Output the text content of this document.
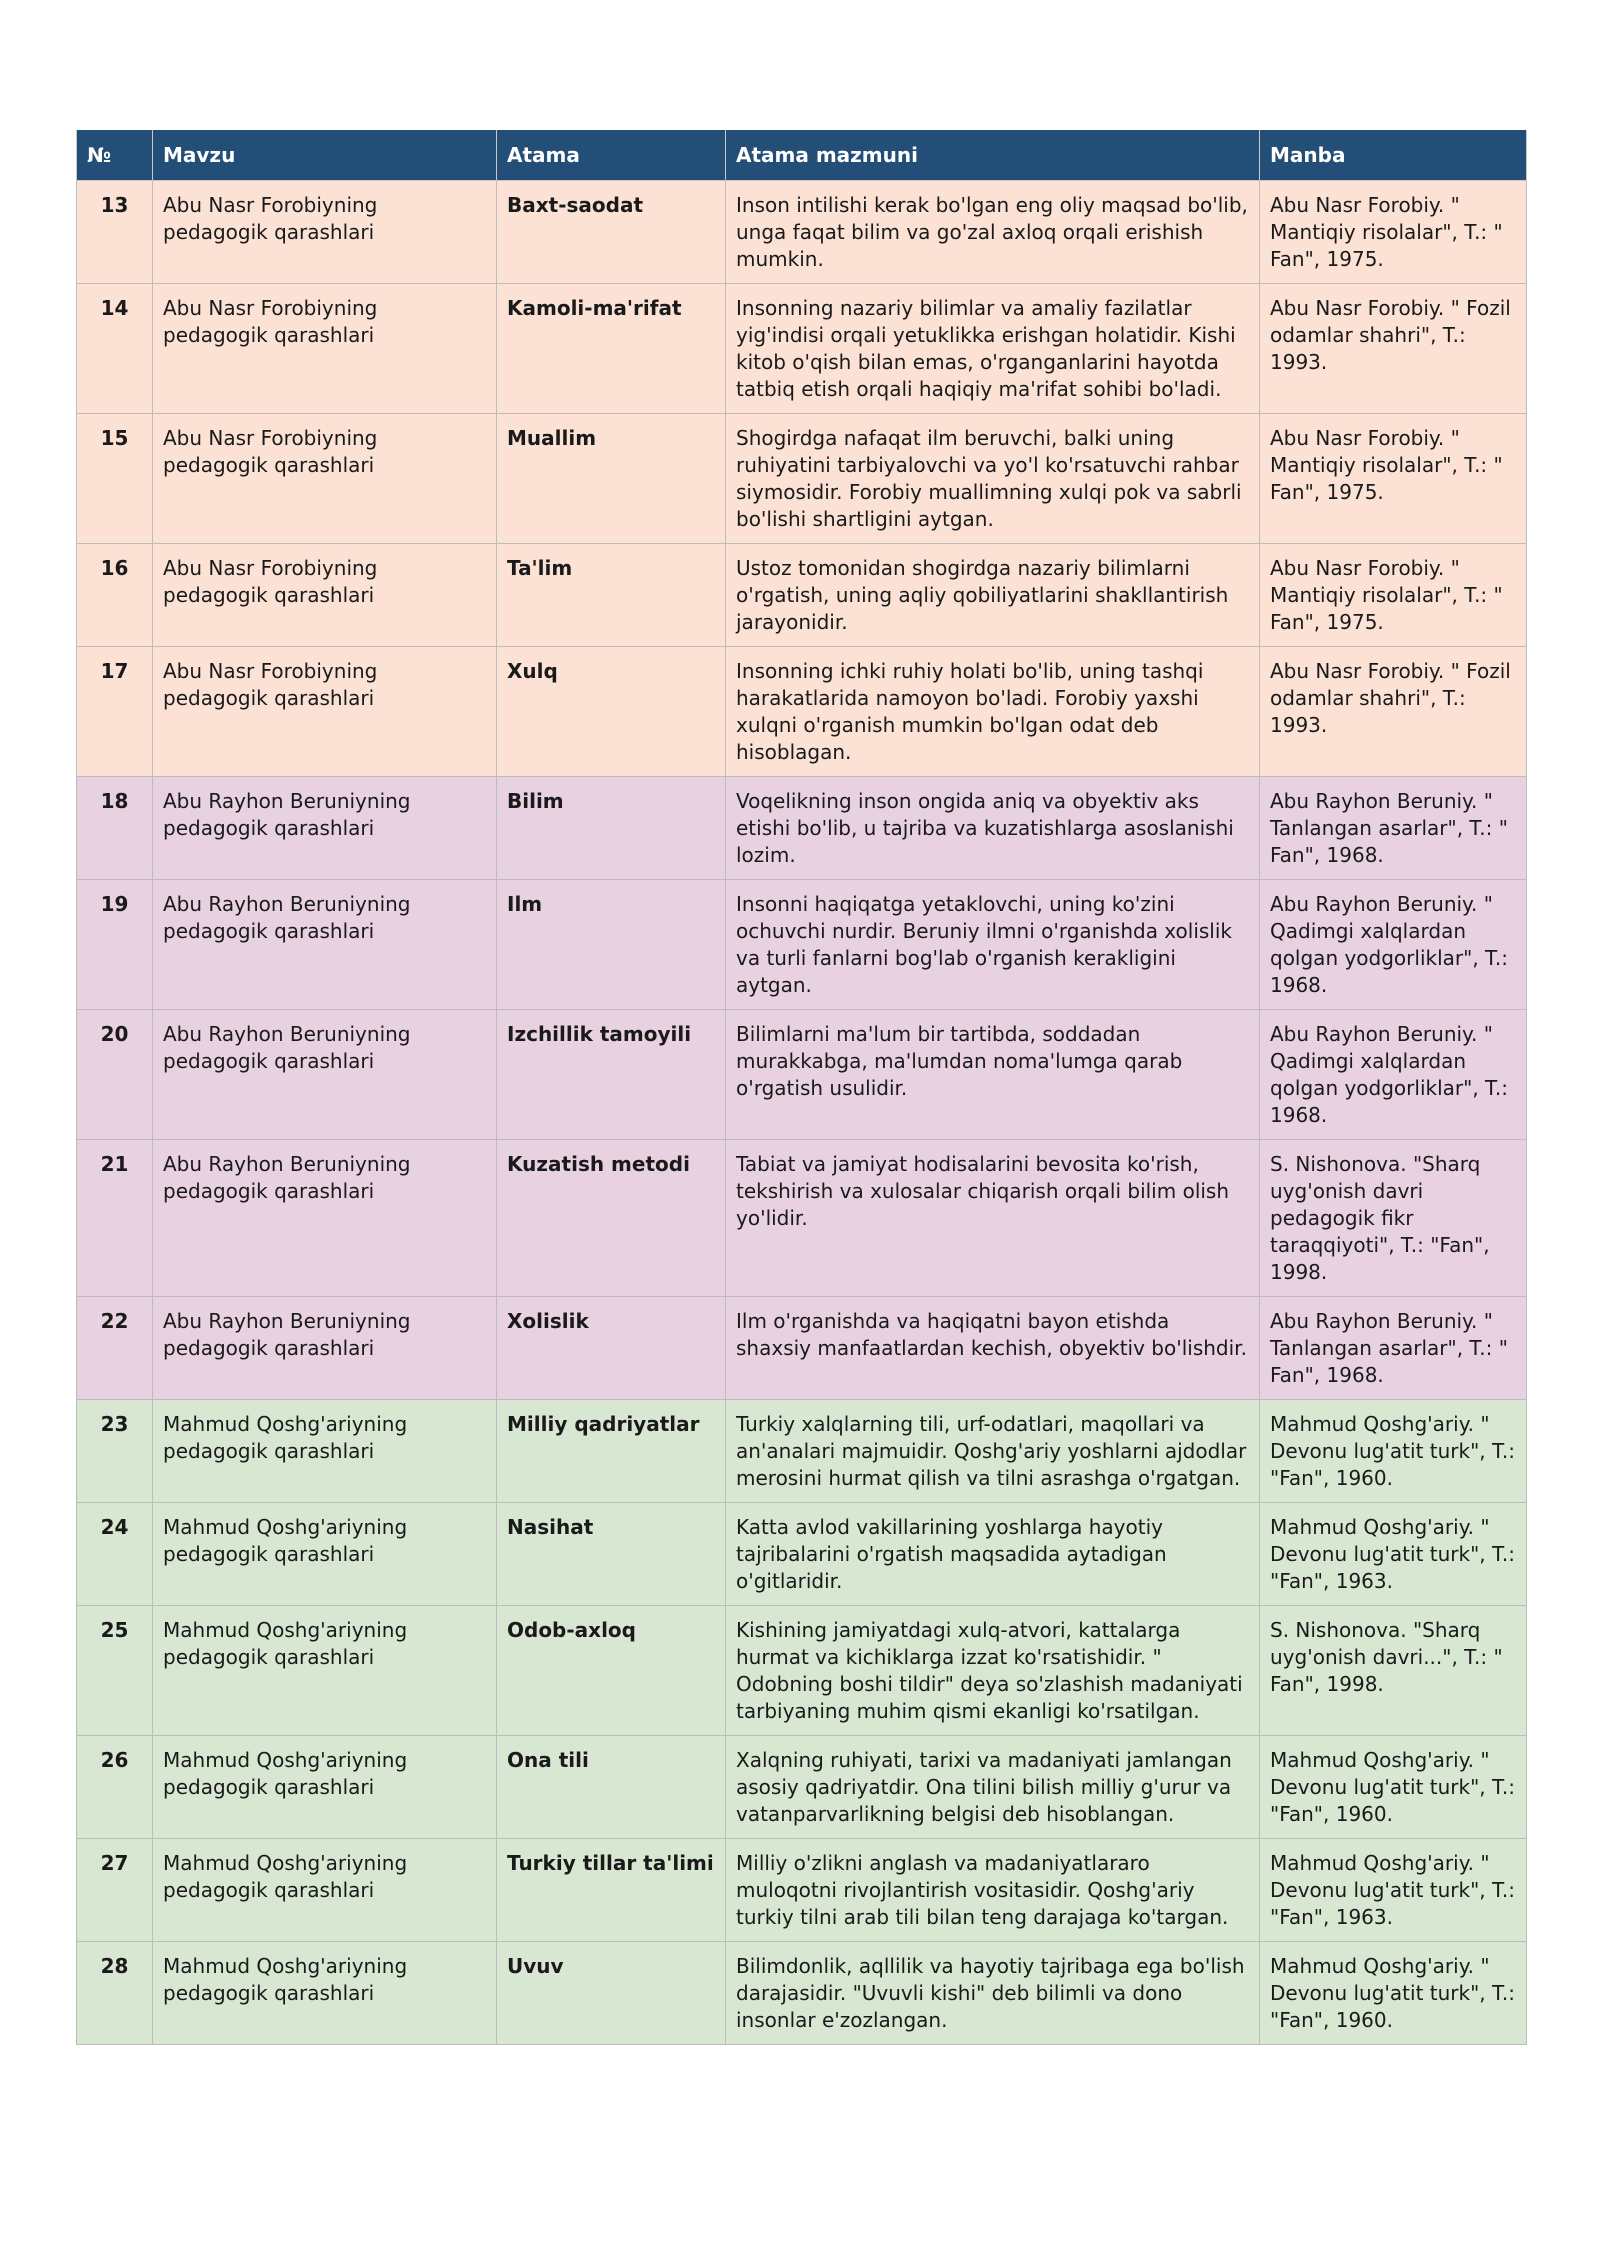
№	Mavzu	Atama	Atama mazmuni	Manba
13	Abu Nasr Forobiyning pedagogik qarashlari	Baxt-saodat	Inson intilishi kerak bo'lgan eng oliy maqsad bo'lib, unga faqat bilim va go'zal axloq orqali erishish mumkin.	Abu Nasr Forobiy. " Mantiqiy risolalar", T.: " Fan", 1975.
14	Abu Nasr Forobiyning pedagogik qarashlari	Kamoli-ma'rifat	Insonning nazariy bilimlar va amaliy fazilatlar yig'indisi orqali yetuklikka erishgan holatidir. Kishi kitob o'qish bilan emas, o'rganganlarini hayotda tatbiq etish orqali haqiqiy ma'rifat sohibi bo'ladi.	Abu Nasr Forobiy. " Fozil odamlar shahri", T.: 1993.
15	Abu Nasr Forobiyning pedagogik qarashlari	Muallim	Shogirdga nafaqat ilm beruvchi, balki uning ruhiyatini tarbiyalovchi va yo'l ko'rsatuvchi rahbar siymosidir. Forobiy muallimning xulqi pok va sabrli bo'lishi shartligini aytgan.	Abu Nasr Forobiy. " Mantiqiy risolalar", T.: " Fan", 1975.
16	Abu Nasr Forobiyning pedagogik qarashlari	Ta'lim	Ustoz tomonidan shogirdga nazariy bilimlarni o'rgatish, uning aqliy qobiliyatlarini shakllantirish jarayonidir.	Abu Nasr Forobiy. " Mantiqiy risolalar", T.: " Fan", 1975.
17	Abu Nasr Forobiyning pedagogik qarashlari	Xulq	Insonning ichki ruhiy holati bo'lib, uning tashqi harakatlarida namoyon bo'ladi. Forobiy yaxshi xulqni o'rganish mumkin bo'lgan odat deb hisoblagan.	Abu Nasr Forobiy. " Fozil odamlar shahri", T.: 1993.
18	Abu Rayhon Beruniyning pedagogik qarashlari	Bilim	Voqelikning inson ongida aniq va obyektiv aks etishi bo'lib, u tajriba va kuzatishlarga asoslanishi lozim.	Abu Rayhon Beruniy. " Tanlangan asarlar", T.: " Fan", 1968.
19	Abu Rayhon Beruniyning pedagogik qarashlari	Ilm	Insonni haqiqatga yetaklovchi, uning ko'zini ochuvchi nurdir. Beruniy ilmni o'rganishda xolislik va turli fanlarni bog'lab o'rganish kerakligini aytgan.	Abu Rayhon Beruniy. " Qadimgi xalqlardan qolgan yodgorliklar", T.: 1968.
20	Abu Rayhon Beruniyning pedagogik qarashlari	Izchillik tamoyili	Bilimlarni ma'lum bir tartibda, soddadan murakkabga, ma'lumdan noma'lumga qarab o'rgatish usulidir.	Abu Rayhon Beruniy. " Qadimgi xalqlardan qolgan yodgorliklar", T.: 1968.
21	Abu Rayhon Beruniyning pedagogik qarashlari	Kuzatish metodi	Tabiat va jamiyat hodisalarini bevosita ko'rish, tekshirish va xulosalar chiqarish orqali bilim olish yo'lidir.	S. Nishonova. "Sharq uyg'onish davri pedagogik fikr taraqqiyoti", T.: "Fan", 1998.
22	Abu Rayhon Beruniyning pedagogik qarashlari	Xolislik	Ilm o'rganishda va haqiqatni bayon etishda shaxsiy manfaatlardan kechish, obyektiv bo'lishdir.	Abu Rayhon Beruniy. " Tanlangan asarlar", T.: " Fan", 1968.
23	Mahmud Qoshg'ariyning pedagogik qarashlari	Milliy qadriyatlar	Turkiy xalqlarning tili, urf-odatlari, maqollari va an'analari majmuidir. Qoshg'ariy yoshlarni ajdodlar merosini hurmat qilish va tilni asrashga o'rgatgan.	Mahmud Qoshg'ariy. " Devonu lug'atit turk", T.: "Fan", 1960.
24	Mahmud Qoshg'ariyning pedagogik qarashlari	Nasihat	Katta avlod vakillarining yoshlarga hayotiy tajribalarini o'rgatish maqsadida aytadigan o'gitlaridir.	Mahmud Qoshg'ariy. " Devonu lug'atit turk", T.: "Fan", 1963.
25	Mahmud Qoshg'ariyning pedagogik qarashlari	Odob-axloq	Kishining jamiyatdagi xulq-atvori, kattalarga hurmat va kichiklarga izzat ko'rsatishidir. " Odobning boshi tildir" deya so'zlashish madaniyati tarbiyaning muhim qismi ekanligi ko'rsatilgan.	S. Nishonova. "Sharq uyg'onish davri...", T.: " Fan", 1998.
26	Mahmud Qoshg'ariyning pedagogik qarashlari	Ona tili	Xalqning ruhiyati, tarixi va madaniyati jamlangan asosiy qadriyatdir. Ona tilini bilish milliy g'urur va vatanparvarlikning belgisi deb hisoblangan.	Mahmud Qoshg'ariy. " Devonu lug'atit turk", T.: "Fan", 1960.
27	Mahmud Qoshg'ariyning pedagogik qarashlari	Turkiy tillar ta'limi	Milliy o'zlikni anglash va madaniyatlararo muloqotni rivojlantirish vositasidir. Qoshg'ariy turkiy tilni arab tili bilan teng darajaga ko'targan.	Mahmud Qoshg'ariy. " Devonu lug'atit turk", T.: "Fan", 1963.
28	Mahmud Qoshg'ariyning pedagogik qarashlari	Uvuv	Bilimdonlik, aqllilik va hayotiy tajribaga ega bo'lish darajasidir. "Uvuvli kishi" deb bilimli va dono insonlar e'zozlangan.	Mahmud Qoshg'ariy. " Devonu lug'atit turk", T.: "Fan", 1960.
